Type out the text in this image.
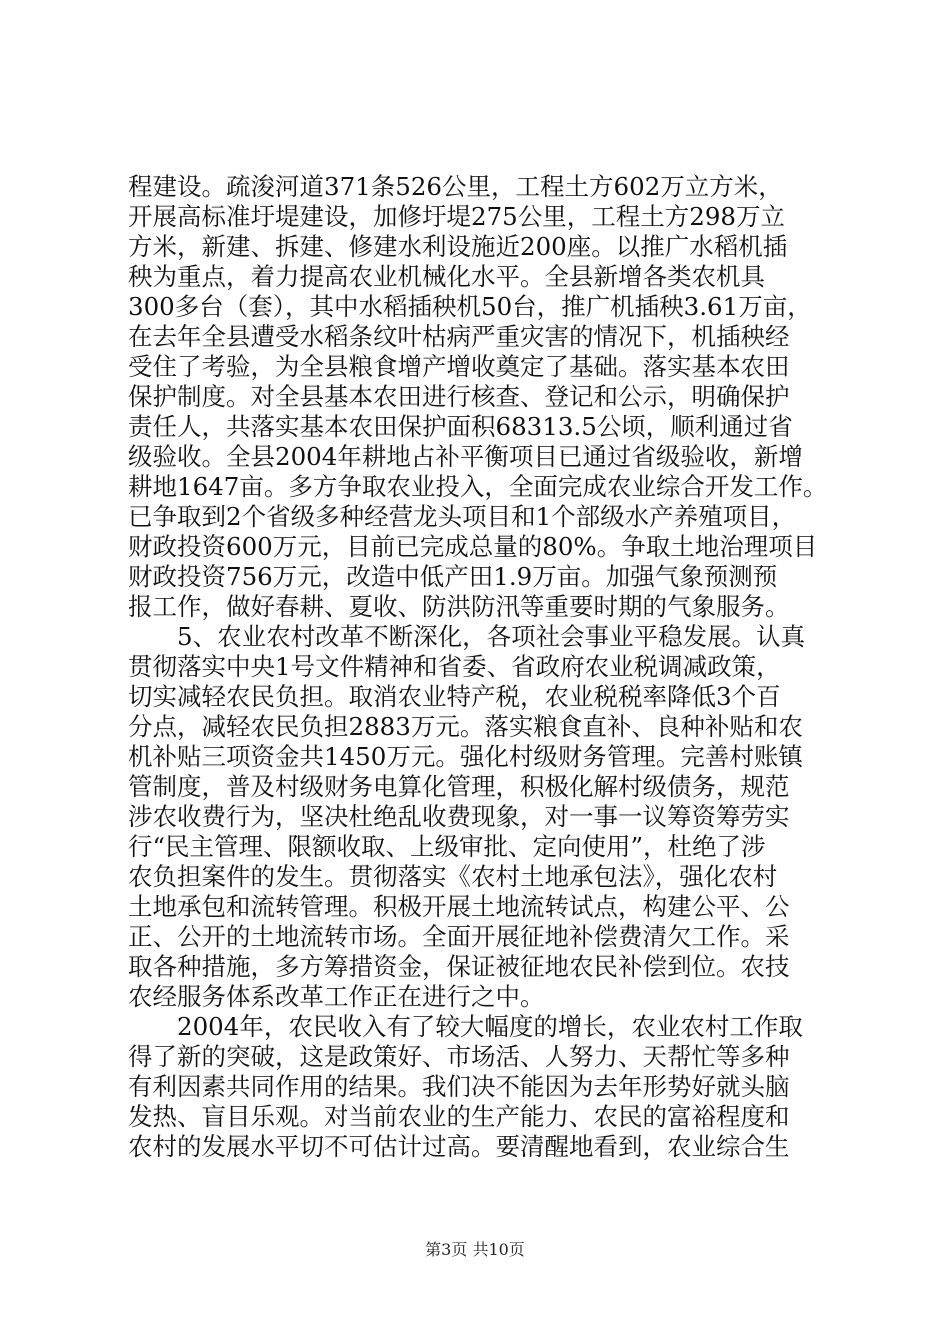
程建设。疏浚河道371条526公里，工程土方602万立方米，
开展高标准圩堤建设，加修圩堤275公里，工程土方298万立
方米，新建、拆建、修建水利设施近200座。以推广水稻机插
秧为重点，着力提高农业机械化水平。全县新增各类农机具
300多台（套），其中水稻插秧机50台，推广机插秧3.61万亩，
在去年全县遭受水稻条纹叶枯病严重灾害的情况下，机插秧经
受住了考验，为全县粮食增产增收奠定了基础。落实基本农田
保护制度。对全县基本农田进行核查、登记和公示，明确保护
责任人，共落实基本农田保护面积68313.5公顷，顺利通过省
级验收。全县2004年耕地占补平衡项目已通过省级验收，新增
耕地1647亩。多方争取农业投入，全面完成农业综合开发工作。
已争取到2个省级多种经营龙头项目和1个部级水产养殖项目，
财政投资600万元，目前已完成总量的80%。争取土地治理项目
财政投资756万元，改造中低产田1.9万亩。加强气象预测预
报工作，做好春耕、夏收、防洪防汛等重要时期的气象服务。
　　5、农业农村改革不断深化，各项社会事业平稳发展。认真
贯彻落实中央1号文件精神和省委、省政府农业税调减政策，
切实减轻农民负担。取消农业特产税，农业税税率降低3个百
分点，减轻农民负担2883万元。落实粮食直补、良种补贴和农
机补贴三项资金共1450万元。强化村级财务管理。完善村账镇
管制度，普及村级财务电算化管理，积极化解村级债务，规范
涉农收费行为，坚决杜绝乱收费现象，对一事一议筹资筹劳实
行“民主管理、限额收取、上级审批、定向使用”，杜绝了涉
农负担案件的发生。贯彻落实《农村土地承包法》，强化农村
土地承包和流转管理。积极开展土地流转试点，构建公平、公
正、公开的土地流转市场。全面开展征地补偿费清欠工作。采
取各种措施，多方筹措资金，保证被征地农民补偿到位。农技
农经服务体系改革工作正在进行之中。
　　2004年，农民收入有了较大幅度的增长，农业农村工作取
得了新的突破，这是政策好、市场活、人努力、天帮忙等多种
有利因素共同作用的结果。我们决不能因为去年形势好就头脑
发热、盲目乐观。对当前农业的生产能力、农民的富裕程度和
农村的发展水平切不可估计过高。要清醒地看到，农业综合生
第3页 共10页
